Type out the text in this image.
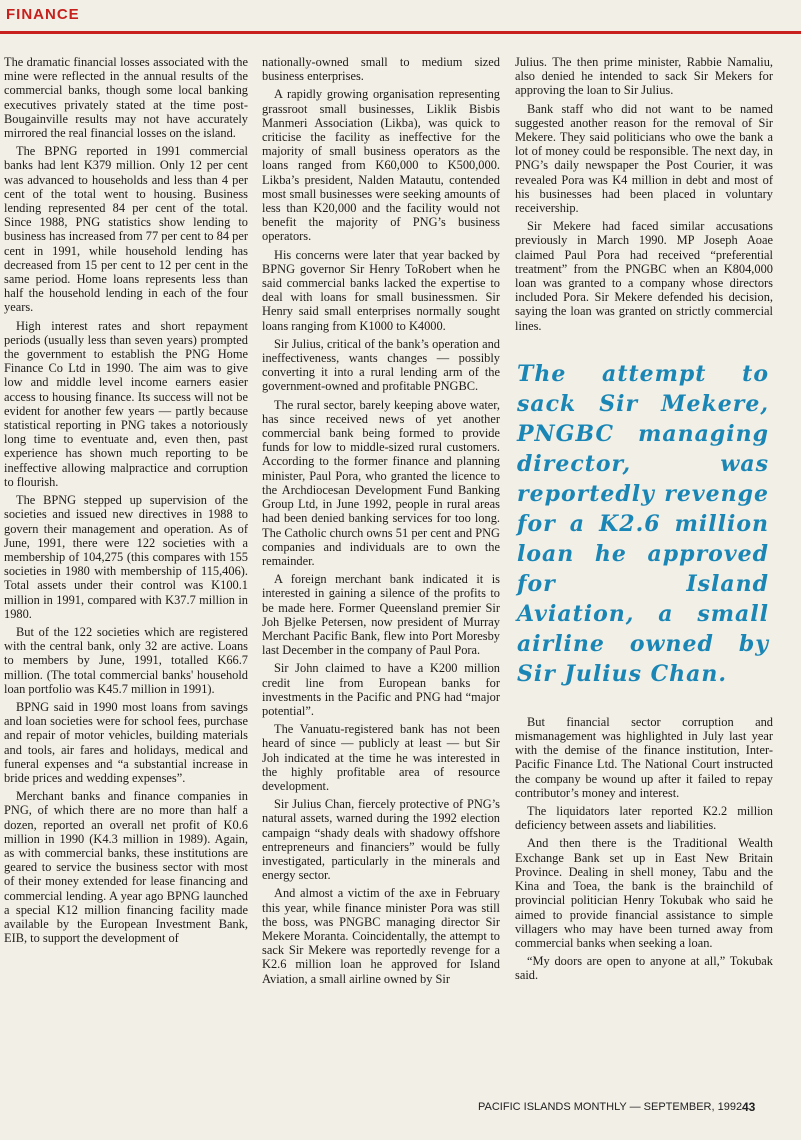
FINANCE

The dramatic financial losses associated with the mine were reflected in the annual results of the commercial banks, though some local banking executives privately stated at the time post-Bougainville results may not have accurately mirrored the real financial losses on the island.

The BPNG reported in 1991 commercial banks had lent K379 million. Only 12 per cent was advanced to households and less than 4 per cent of the total went to housing. Business lending represented 84 per cent of the total. Since 1988, PNG statistics show lending to business has increased from 77 per cent to 84 per cent in 1991, while household lending has decreased from 15 per cent to 12 per cent in the same period. Home loans represents less than half the household lending in each of the four years.

High interest rates and short repayment periods (usually less than seven years) prompted the government to establish the PNG Home Finance Co Ltd in 1990. The aim was to give low and middle level income earners easier access to housing finance. Its success will not be evident for another few years — partly because statistical reporting in PNG takes a notoriously long time to eventuate and, even then, past experience has shown much reporting to be ineffective allowing malpractice and corruption to flourish.

The BPNG stepped up supervision of the societies and issued new directives in 1988 to govern their management and operation. As of June, 1991, there were 122 societies with a membership of 104,275 (this compares with 155 societies in 1980 with membership of 115,406). Total assets under their control was K100.1 million in 1991, compared with K37.7 million in 1980.

But of the 122 societies which are registered with the central bank, only 32 are active. Loans to members by June, 1991, totalled K66.7 million. (The total commercial banks' household loan portfolio was K45.7 million in 1991).

BPNG said in 1990 most loans from savings and loan societies were for school fees, purchase and repair of motor vehicles, building materials and tools, air fares and holidays, medical and funeral expenses and “a substantial increase in bride prices and wedding expenses”.

Merchant banks and finance companies in PNG, of which there are no more than half a dozen, reported an overall net profit of K0.6 million in 1990 (K4.3 million in 1989). Again, as with commercial banks, these institutions are geared to service the business sector with most of their money extended for lease financing and commercial lending. A year ago BPNG launched a special K12 million financing facility made available by the European Investment Bank, EIB, to support the development of

nationally-owned small to medium sized business enterprises.

A rapidly growing organisation representing grassroot small businesses, Liklik Bisbis Manmeri Association (Likba), was quick to criticise the facility as ineffective for the majority of small business operators as the loans ranged from K60,000 to K500,000. Likba’s president, Nalden Matautu, contended most small businesses were seeking amounts of less than K20,000 and the facility would not benefit the majority of PNG’s business operators.

His concerns were later that year backed by BPNG governor Sir Henry ToRobert when he said commercial banks lacked the expertise to deal with loans for small businessmen. Sir Henry said small enterprises normally sought loans ranging from K1000 to K4000.

Sir Julius, critical of the bank’s operation and ineffectiveness, wants changes — possibly converting it into a rural lending arm of the government-owned and profitable PNGBC.

The rural sector, barely keeping above water, has since received news of yet another commercial bank being formed to provide funds for low to middle-sized rural customers. According to the former finance and planning minister, Paul Pora, who granted the licence to the Archdiocesan Development Fund Banking Group Ltd, in June 1992, people in rural areas had been denied banking services for too long. The Catholic church owns 51 per cent and PNG companies and individuals are to own the remainder.

A foreign merchant bank indicated it is interested in gaining a silence of the profits to be made here. Former Queensland premier Sir Joh Bjelke Petersen, now president of Murray Merchant Pacific Bank, flew into Port Moresby last December in the company of Paul Pora.

Sir John claimed to have a K200 million credit line from European banks for investments in the Pacific and PNG had “major potential”.

The Vanuatu-registered bank has not been heard of since — publicly at least — but Sir Joh indicated at the time he was interested in the highly profitable area of resource development.

Sir Julius Chan, fiercely protective of PNG’s natural assets, warned during the 1992 election campaign “shady deals with shadowy offshore entrepreneurs and financiers” would be fully investigated, particularly in the minerals and energy sector.

And almost a victim of the axe in February this year, while finance minister Pora was still the boss, was PNGBC managing director Sir Mekere Moranta. Coincidentally, the attempt to sack Sir Mekere was reportedly revenge for a K2.6 million loan he approved for Island Aviation, a small airline owned by Sir

Julius. The then prime minister, Rabbie Namaliu, also denied he intended to sack Sir Mekers for approving the loan to Sir Julius.

Bank staff who did not want to be named suggested another reason for the removal of Sir Mekere. They said politicians who owe the bank a lot of money could be responsible. The next day, in PNG’s daily newspaper the Post Courier, it was revealed Pora was K4 million in debt and most of his businesses had been placed in voluntary receivership.

Sir Mekere had faced similar accusations previously in March 1990. MP Joseph Aoae claimed Paul Pora had received “preferential treatment” from the PNGBC when an K804,000 loan was granted to a company whose directors included Pora. Sir Mekere defended his decision, saying the loan was granted on strictly commercial lines.

The attempt to sack Sir Mekere, PNGBC managing director, was reportedly revenge for a K2.6 million loan he approved for Island Aviation, a small airline owned by Sir Julius Chan.

But financial sector corruption and mismanagement was highlighted in July last year with the demise of the finance institution, Inter-Pacific Finance Ltd. The National Court instructed the company be wound up after it failed to repay contributor’s money and interest.

The liquidators later reported K2.2 million deficiency between assets and liabilities.

And then there is the Traditional Wealth Exchange Bank set up in East New Britain Province. Dealing in shell money, Tabu and the Kina and Toea, the bank is the brainchild of provincial politician Henry Tokubak who said he aimed to provide financial assistance to simple villagers who may have been turned away from commercial banks when seeking a loan.

“My doors are open to anyone at all,” Tokubak said.

PACIFIC ISLANDS MONTHLY — SEPTEMBER, 1992 43
